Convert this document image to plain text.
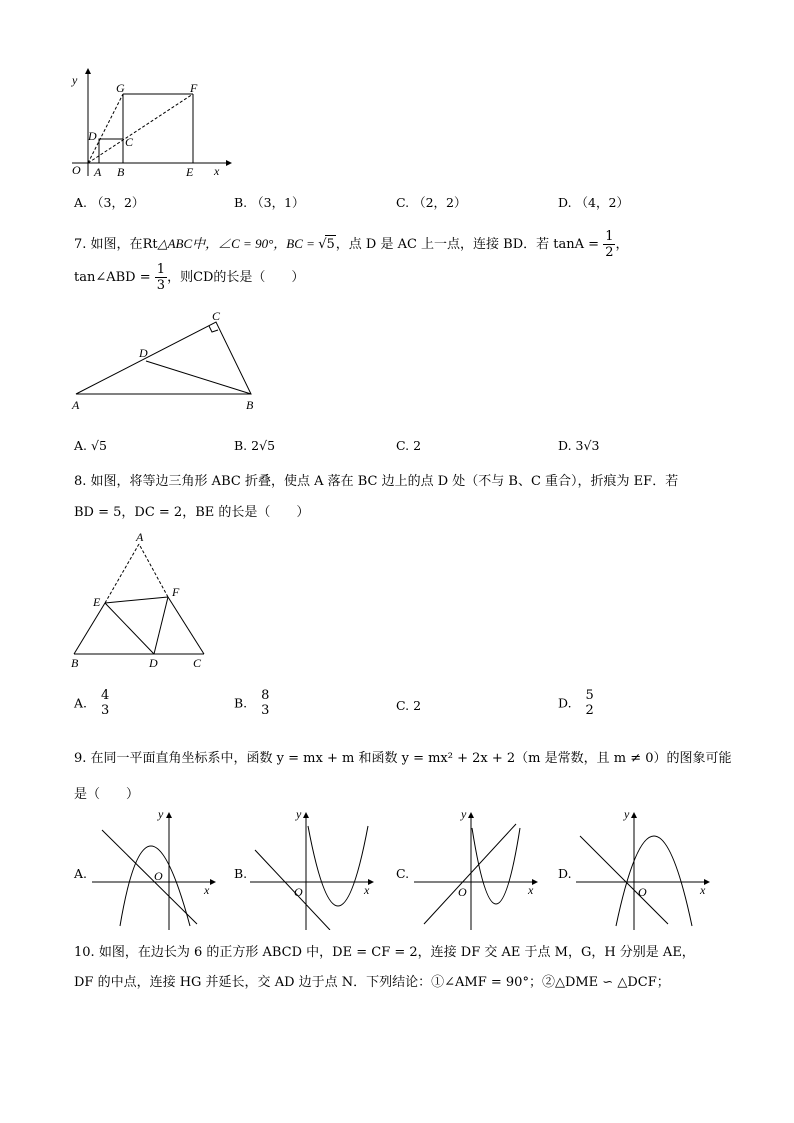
y
x
O A B	E
D C
G	F
A. （3，2）	B. （3，1）	C. （2，2）	D. （4，2）
7. 如图，在Rt△ABC中，∠C = 90°，BC = √5，点 D 是 AC 上一点，连接 BD．若 $\tan A = \frac{1}{2}$ ，
tan∠ABD = $\frac{1}{3}$ ，则CD的长是（　　）
A	B
C
D
A. √5	B. 2√5	C. 2	D. 3√3
8. 如图，将等边三角形 ABC 折叠，使点 A 落在 BC 边上的点 D 处（不与 B、C 重合），折痕为 EF．若
BD = 5，DC = 2，BE 的长是（　　）
A
E
F
B	D	C
A. 4
3	B. 8
3	C. 2	D. 5
2
9. 在同一平面直角坐标系中，函数 y = mx + m 和函数 y = mx² + 2x + 2（m 是常数，且 m ≠ 0）的图象可能
是（　　）
A.
y
x
O	B.
y
x
O
C.
y
x
O
D.
y
x
O
10. 如图，在边长为 6 的正方形 ABCD 中，DE = CF = 2，连接 DF 交 AE 于点 M，G，H 分别是 AE，
DF 的中点，连接 HG 并延长，交 AD 边于点 N．下列结论：①∠AMF = 90°；②△DME ∽ △DCF；
